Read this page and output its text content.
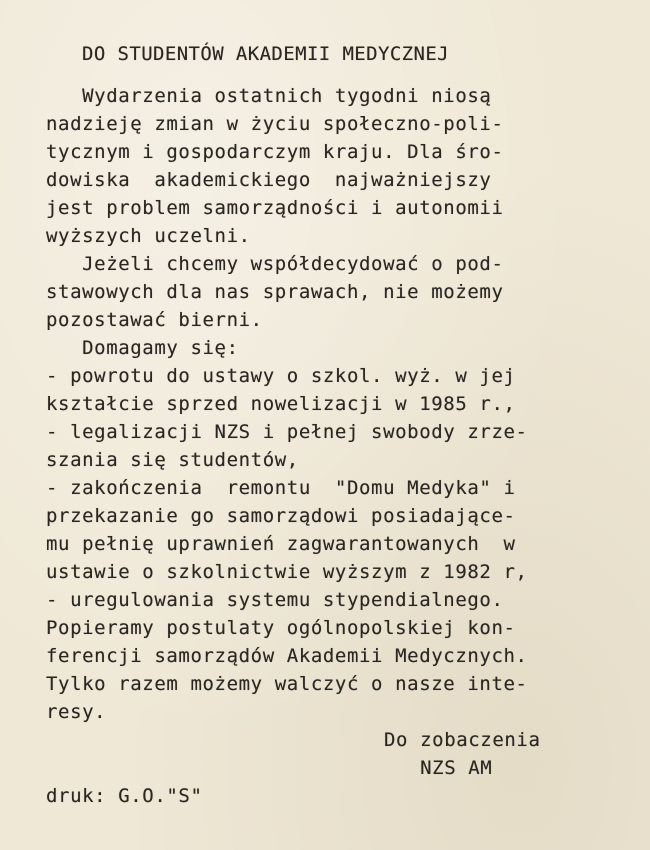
DO STUDENTÓW AKADEMII MEDYCZNEJ
Wydarzenia ostatnich tygodni niosą
nadzieję zmian w życiu społeczno-poli-
tycznym i gospodarczym kraju. Dla śro-
dowiska  akademickiego  najważniejszy
jest problem samorządności i autonomii
wyższych uczelni.
Jeżeli chcemy współdecydować o pod-
stawowych dla nas sprawach, nie możemy
pozostawać bierni.
Domagamy się:
- powrotu do ustawy o szkol. wyż. w jej
kształcie sprzed nowelizacji w 1985 r.,
- legalizacji NZS i pełnej swobody zrze-
szania się studentów,
- zakończenia  remontu  "Domu Medyka" i
przekazanie go samorządowi posiadające-
mu pełnię uprawnień zagwarantowanych  w
ustawie o szkolnictwie wyższym z 1982 r,
- uregulowania systemu stypendialnego.
Popieramy postulaty ogólnopolskiej kon-
ferencji samorządów Akademii Medycznych.
Tylko razem możemy walczyć o nasze inte-
resy.
Do zobaczenia
NZS AM
druk: G.O."S"
